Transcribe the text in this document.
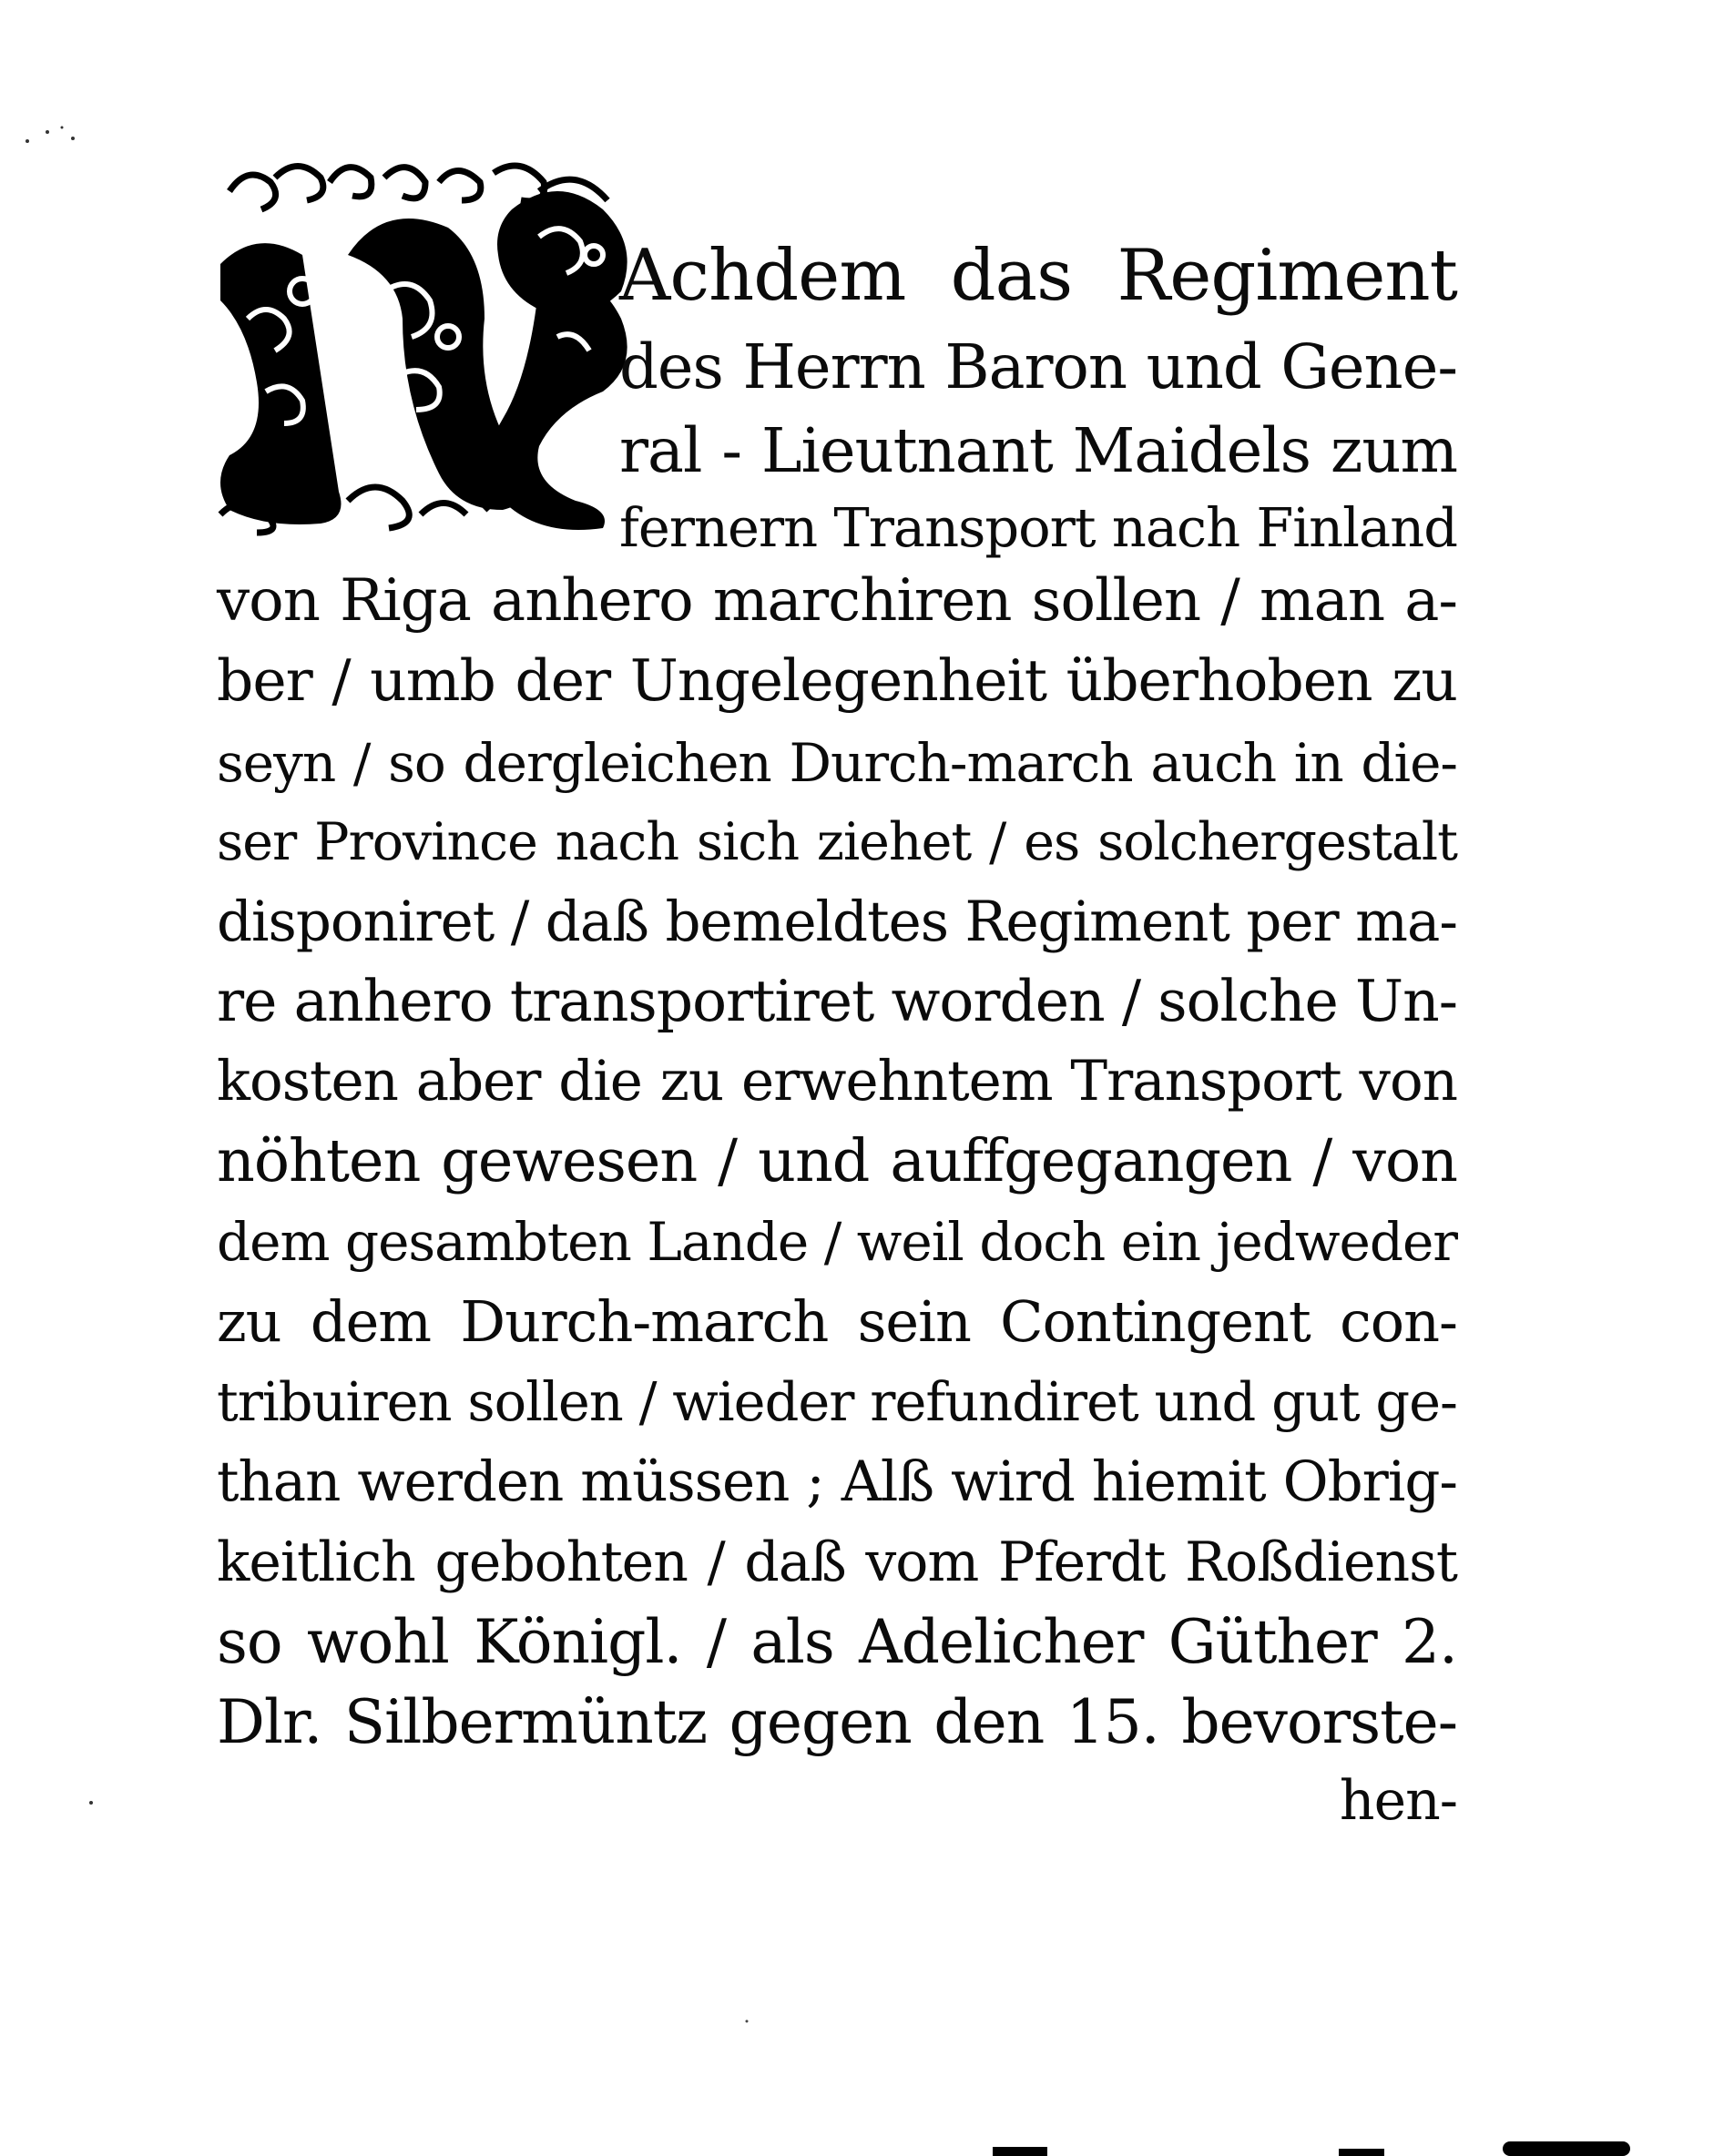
Achdem das Regiment
des Herrn Baron und Gene-
ral - Lieutnant Maidels zum
fernern Transport nach Finland
von Riga anhero marchiren sollen / man a-
ber / umb der Ungelegenheit überhoben zu
seyn / so dergleichen Durch-march auch in die-
ser Province nach sich ziehet / es solchergestalt
disponiret / daß bemeldtes Regiment per ma-
re anhero transportiret worden / solche Un-
kosten aber die zu erwehntem Transport von
nöhten gewesen / und auffgegangen / von
dem gesambten Lande / weil doch ein jedweder
zu dem Durch-march sein Contingent con-
tribuiren sollen / wieder refundiret und gut ge-
than werden müssen ; Alß wird hiemit Obrig-
keitlich gebohten / daß vom Pferdt Roßdienst
so wohl Königl. / als Adelicher Güther 2.
Dlr. Silbermüntz gegen den 15. bevorste-
hen-
